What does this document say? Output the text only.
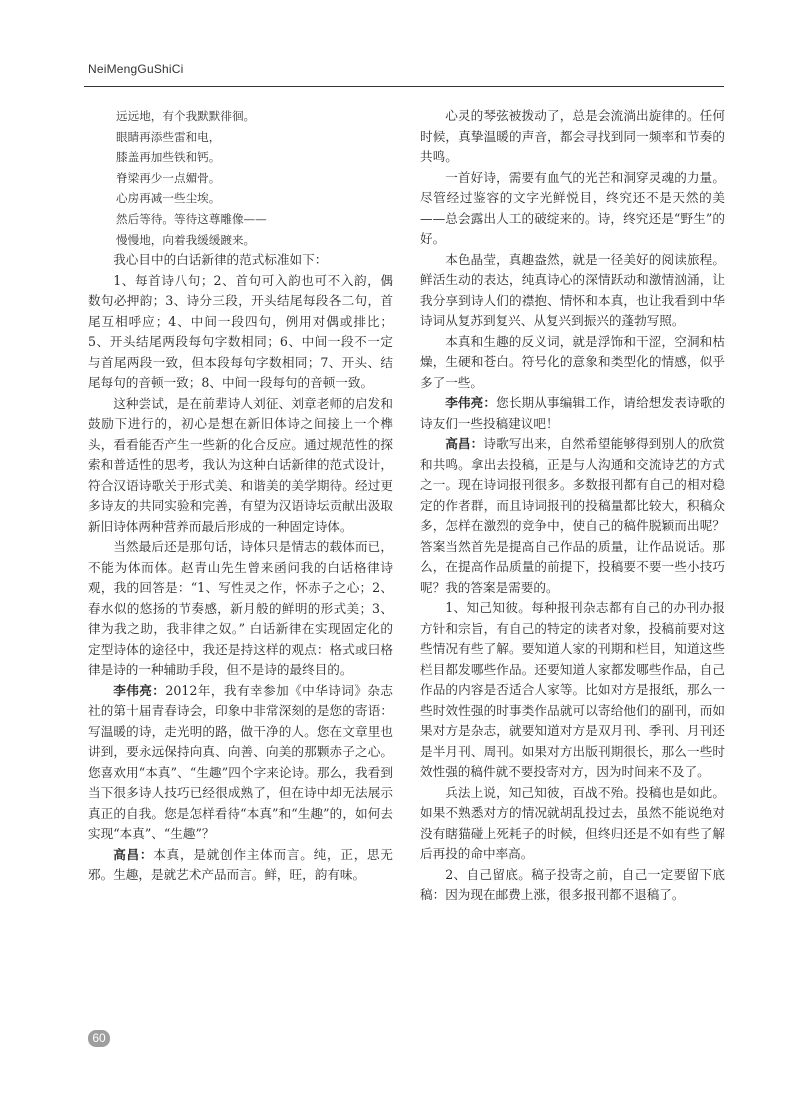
NeiMengGuShiCi

远远地，有个我默默徘徊。

眼睛再添些雷和电，

膝盖再加些铁和钙。

脊梁再少一点媚骨。

心房再减一些尘埃。

然后等待。等待这尊雕像——

慢慢地，向着我缓缓踱来。

我心目中的白话新律的范式标准如下：

1、每首诗八句；2、首句可入韵也可不入韵，偶数句必押韵；3、诗分三段，开头结尾每段各二句，首尾互相呼应；4、中间一段四句，例用对偶或排比；5、开头结尾两段每句字数相同；6、中间一段不一定与首尾两段一致，但本段每句字数相同；7、开头、结尾每句的音顿一致；8、中间一段每句的音顿一致。

这种尝试，是在前辈诗人刘征、刘章老师的启发和鼓励下进行的，初心是想在新旧体诗之间接上一个榫头，看看能否产生一些新的化合反应。通过规范性的探索和普适性的思考，我认为这种白话新律的范式设计，符合汉语诗歌关于形式美、和谐美的美学期待。经过更多诗友的共同实验和完善，有望为汉语诗坛贡献出汲取新旧诗体两种营养而最后形成的一种固定诗体。

当然最后还是那句话，诗体只是情志的载体而已，不能为体而体。赵青山先生曾来函问我的白话格律诗观，我的回答是：“1、写性灵之作，怀赤子之心；2、春水似的悠扬的节奏感，新月般的鲜明的形式美；3、律为我之助，我非律之奴。” 白话新律在实现固定化的定型诗体的途径中，我还是持这样的观点：格式或曰格律是诗的一种辅助手段，但不是诗的最终目的。

李伟亮：2012年，我有幸参加《中华诗词》杂志社的第十届青春诗会，印象中非常深刻的是您的寄语：写温暖的诗，走光明的路，做干净的人。您在文章里也讲到，要永远保持向真、向善、向美的那颗赤子之心。您喜欢用“本真”、“生趣”四个字来论诗。那么，我看到当下很多诗人技巧已经很成熟了，但在诗中却无法展示真正的自我。您是怎样看待“本真”和“生趣”的，如何去实现“本真”、“生趣”？

高昌：本真，是就创作主体而言。纯，正，思无邪。生趣，是就艺术产品而言。鲜，旺，韵有味。

心灵的琴弦被拨动了，总是会流淌出旋律的。任何时候，真挚温暖的声音，都会寻找到同一频率和节奏的共鸣。

一首好诗，需要有血气的光芒和洞穿灵魂的力量。尽管经过鉴容的文字光鲜悦目，终究还不是天然的美——总会露出人工的破绽来的。诗，终究还是“野生”的好。

本色晶莹，真趣盎然，就是一径美好的阅读旅程。鲜活生动的表达，纯真诗心的深情跃动和激情汹涌，让我分享到诗人们的襟抱、情怀和本真，也让我看到中华诗词从复苏到复兴、从复兴到振兴的蓬勃写照。

本真和生趣的反义词，就是浮饰和干涩，空洞和枯燥，生硬和苍白。符号化的意象和类型化的情感，似乎多了一些。

李伟亮：您长期从事编辑工作，请给想发表诗歌的诗友们一些投稿建议吧！

高昌：诗歌写出来，自然希望能够得到别人的欣赏和共鸣。拿出去投稿，正是与人沟通和交流诗艺的方式之一。现在诗词报刊很多。多数报刊都有自己的相对稳定的作者群，而且诗词报刊的投稿量都比较大，积稿众多，怎样在激烈的竞争中，使自己的稿件脱颖而出呢？答案当然首先是提高自己作品的质量，让作品说话。那么，在提高作品质量的前提下，投稿要不要一些小技巧呢？我的答案是需要的。

1、知己知彼。每种报刊杂志都有自己的办刊办报方针和宗旨，有自己的特定的读者对象，投稿前要对这些情况有些了解。要知道人家的刊期和栏目，知道这些栏目都发哪些作品。还要知道人家都发哪些作品，自己作品的内容是否适合人家等。比如对方是报纸，那么一些时效性强的时事类作品就可以寄给他们的副刊，而如果对方是杂志，就要知道对方是双月刊、季刊、月刊还是半月刊、周刊。如果对方出版刊期很长，那么一些时效性强的稿件就不要投寄对方，因为时间来不及了。

兵法上说，知己知彼，百战不殆。投稿也是如此。如果不熟悉对方的情况就胡乱投过去，虽然不能说绝对没有瞎猫碰上死耗子的时候，但终归还是不如有些了解后再投的命中率高。

2、自己留底。稿子投寄之前，自己一定要留下底稿：因为现在邮费上涨，很多报刊都不退稿了。

60
